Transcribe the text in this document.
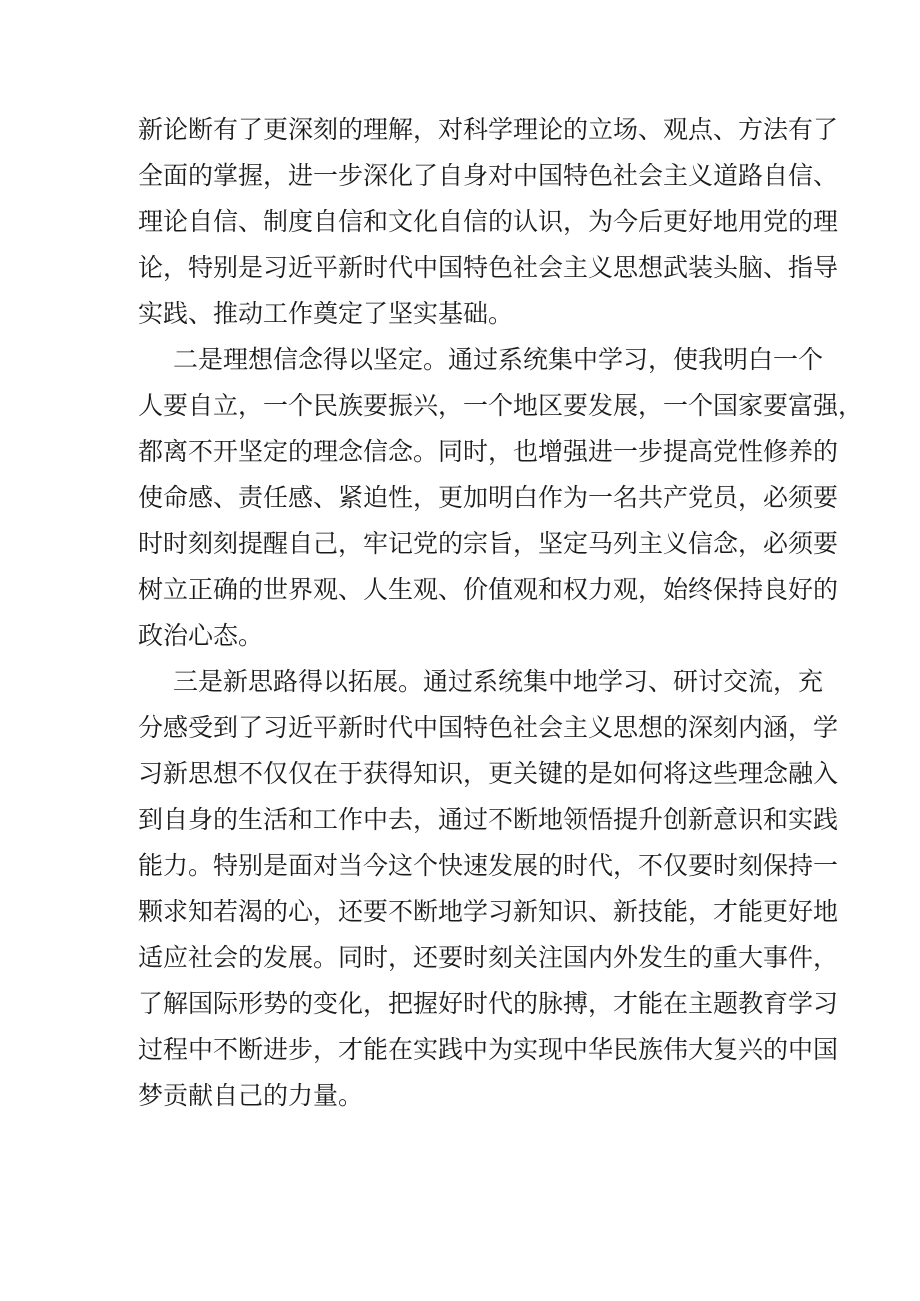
新论断有了更深刻的理解，对科学理论的立场、观点、方法有了
全面的掌握，进一步深化了自身对中国特色社会主义道路自信、
理论自信、制度自信和文化自信的认识，为今后更好地用党的理
论，特别是习近平新时代中国特色社会主义思想武装头脑、指导
实践、推动工作奠定了坚实基础。
二是理想信念得以坚定。通过系统集中学习，使我明白一个
人要自立，一个民族要振兴，一个地区要发展，一个国家要富强，
都离不开坚定的理念信念。同时，也增强进一步提高党性修养的
使命感、责任感、紧迫性，更加明白作为一名共产党员，必须要
时时刻刻提醒自己，牢记党的宗旨，坚定马列主义信念，必须要
树立正确的世界观、人生观、价值观和权力观，始终保持良好的
政治心态。
三是新思路得以拓展。通过系统集中地学习、研讨交流，充
分感受到了习近平新时代中国特色社会主义思想的深刻内涵，学
习新思想不仅仅在于获得知识，更关键的是如何将这些理念融入
到自身的生活和工作中去，通过不断地领悟提升创新意识和实践
能力。特别是面对当今这个快速发展的时代，不仅要时刻保持一
颗求知若渴的心，还要不断地学习新知识、新技能，才能更好地
适应社会的发展。同时，还要时刻关注国内外发生的重大事件，
了解国际形势的变化，把握好时代的脉搏，才能在主题教育学习
过程中不断进步，才能在实践中为实现中华民族伟大复兴的中国
梦贡献自己的力量。
